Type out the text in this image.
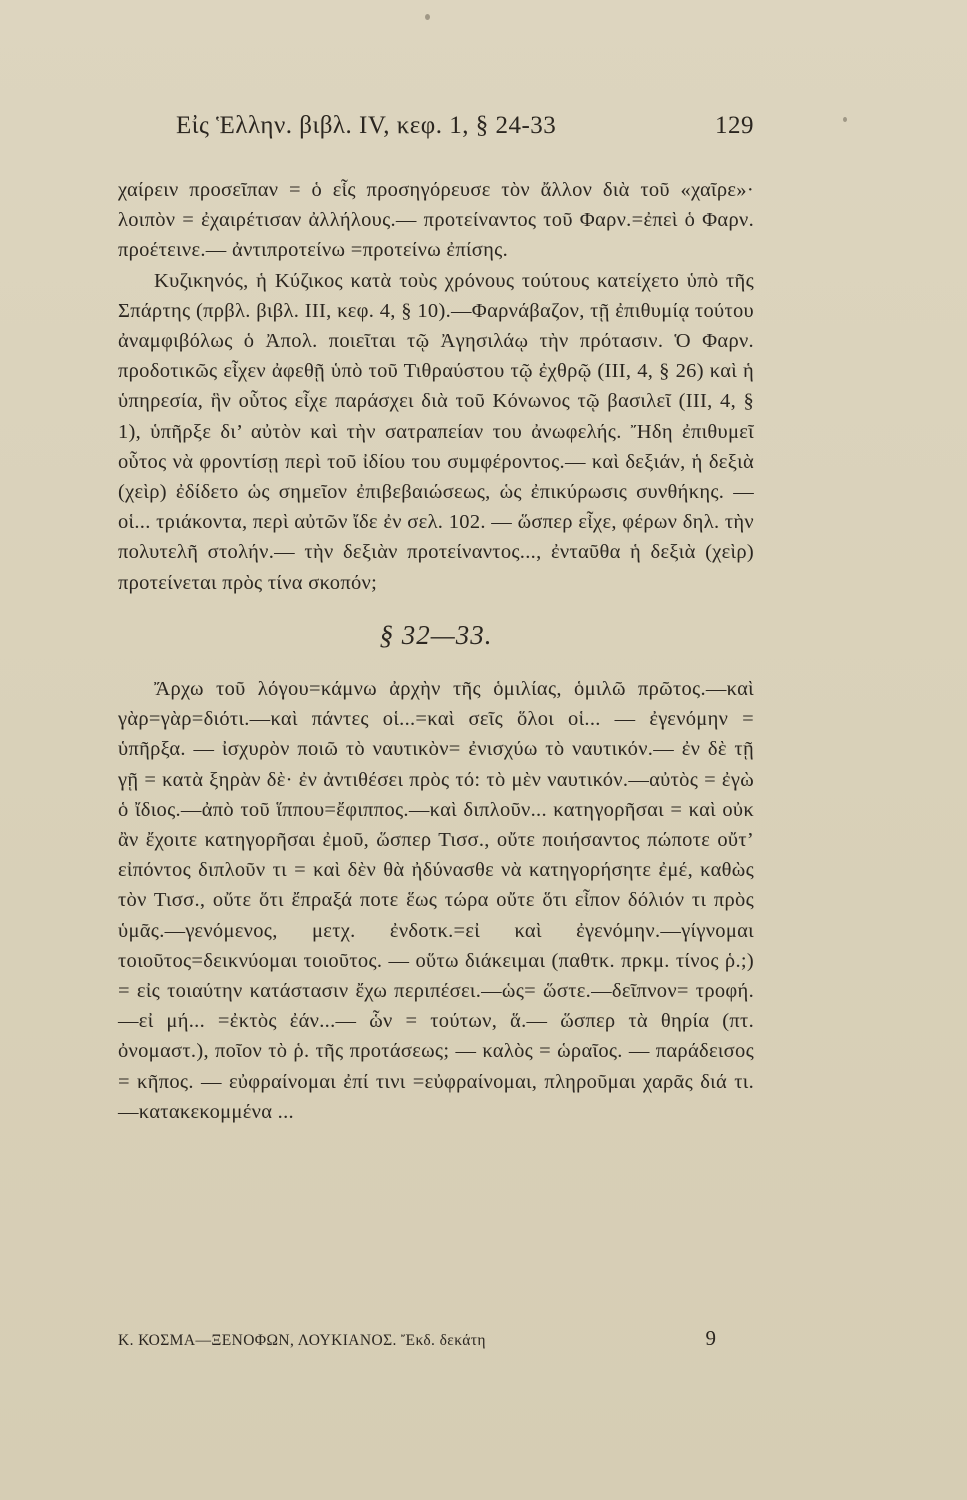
Εἰς Ἑλλην. βιβλ. IV, κεφ. 1, § 24-33	129

χαίρειν προσεῖπαν = ὁ εἷς προσηγόρευσε τὸν ἄλλον διὰ τοῦ «χαῖρε»· λοιπὸν = ἐχαιρέτισαν ἀλλήλους.— προτείναντος τοῦ Φαρν.=ἐπεὶ ὁ Φαρν. προέτεινε.— ἀντιπροτείνω =προτείνω ἐπίσης.

Κυζικηνός, ἡ Κύζικος κατὰ τοὺς χρόνους τούτους κατείχετο ὑπὸ τῆς Σπάρτης (πρβλ. βιβλ. III, κεφ. 4, § 10).—Φαρνάβαζον, τῇ ἐπιθυμίᾳ τούτου ἀναμφιβόλως ὁ Ἀπολ. ποιεῖται τῷ Ἀγησιλάῳ τὴν πρότασιν. Ὁ Φαρν. προδοτικῶς εἶχεν ἀφεθῇ ὑπὸ τοῦ Τιθραύστου τῷ ἐχθρῷ (III, 4, § 26) καὶ ἡ ὑπηρεσία, ἣν οὗτος εἶχε παράσχει διὰ τοῦ Κόνωνος τῷ βασιλεῖ (III, 4, § 1), ὑπῆρξε δι’ αὐτὸν καὶ τὴν σατραπείαν του ἀνωφελής. Ἤδη ἐπιθυμεῖ οὗτος νὰ φροντίσῃ περὶ τοῦ ἰδίου του συμφέροντος.— καὶ δεξιάν, ἡ δεξιὰ (χεὶρ) ἐδίδετο ὡς σημεῖον ἐπιβεβαιώσεως, ὡς ἐπικύρωσις συνθήκης. — οἱ... τριάκοντα, περὶ αὐτῶν ἴδε ἐν σελ. 102. — ὥσπερ εἶχε, φέρων δηλ. τὴν πολυτελῆ στολήν.— τὴν δεξιὰν προτείναντος..., ἐνταῦθα ἡ δεξιὰ (χεὶρ) προτείνεται πρὸς τίνα σκοπόν;

§ 32—33.

Ἄρχω τοῦ λόγου=κάμνω ἀρχὴν τῆς ὁμιλίας, ὁμιλῶ πρῶτος.—καὶ γὰρ=γὰρ=διότι.—καὶ πάντες οἱ...=καὶ σεῖς ὅλοι οἱ... — ἐγενόμην = ὑπῆρξα. — ἰσχυρὸν ποιῶ τὸ ναυτικὸν= ἐνισχύω τὸ ναυτικόν.— ἐν δὲ τῇ γῇ = κατὰ ξηρὰν δὲ· ἐν ἀντιθέσει πρὸς τό: τὸ μὲν ναυτικόν.—αὐτὸς = ἐγὼ ὁ ἴδιος.—ἀπὸ τοῦ ἵππου=ἔφιππος.—καὶ διπλοῦν... κατηγορῆσαι = καὶ οὐκ ἂν ἔχοιτε κατηγορῆσαι ἐμοῦ, ὥσπερ Τισσ., οὔτε ποιήσαντος πώποτε οὔτ’ εἰπόντος διπλοῦν τι = καὶ δὲν θὰ ἠδύνασθε νὰ κατηγορήσητε ἐμέ, καθὼς τὸν Τισσ., οὔτε ὅτι ἔπραξά ποτε ἕως τώρα οὔτε ὅτι εἶπον δόλιόν τι πρὸς ὑμᾶς.—γενόμενος, μετχ. ἐνδοτκ.=εἰ καὶ ἐγενόμην.—γίγνομαι τοιοῦτος=δεικνύομαι τοιοῦτος. — οὕτω διάκειμαι (παθτκ. πρκμ. τίνος ῥ.;) = εἰς τοιαύτην κατάστασιν ἔχω περιπέσει.—ὡς= ὥστε.—δεῖπνον= τροφή.—εἰ μή... =ἐκτὸς ἐάν...— ὧν = τούτων, ἅ.— ὥσπερ τὰ θηρία (πτ. ὀνομαστ.), ποῖον τὸ ῥ. τῆς προτάσεως; — καλὸς = ὡραῖος. — παράδεισος = κῆπος. — εὐφραίνομαι ἐπί τινι =εὐφραίνομαι, πληροῦμαι χαρᾶς διά τι.—κατακεκομμένα ...

Κ. ΚΟΣΜΑ—ΞΕΝΟΦΩΝ, ΛΟΥΚΙΑΝΟΣ. Ἔκδ. δεκάτη	9
